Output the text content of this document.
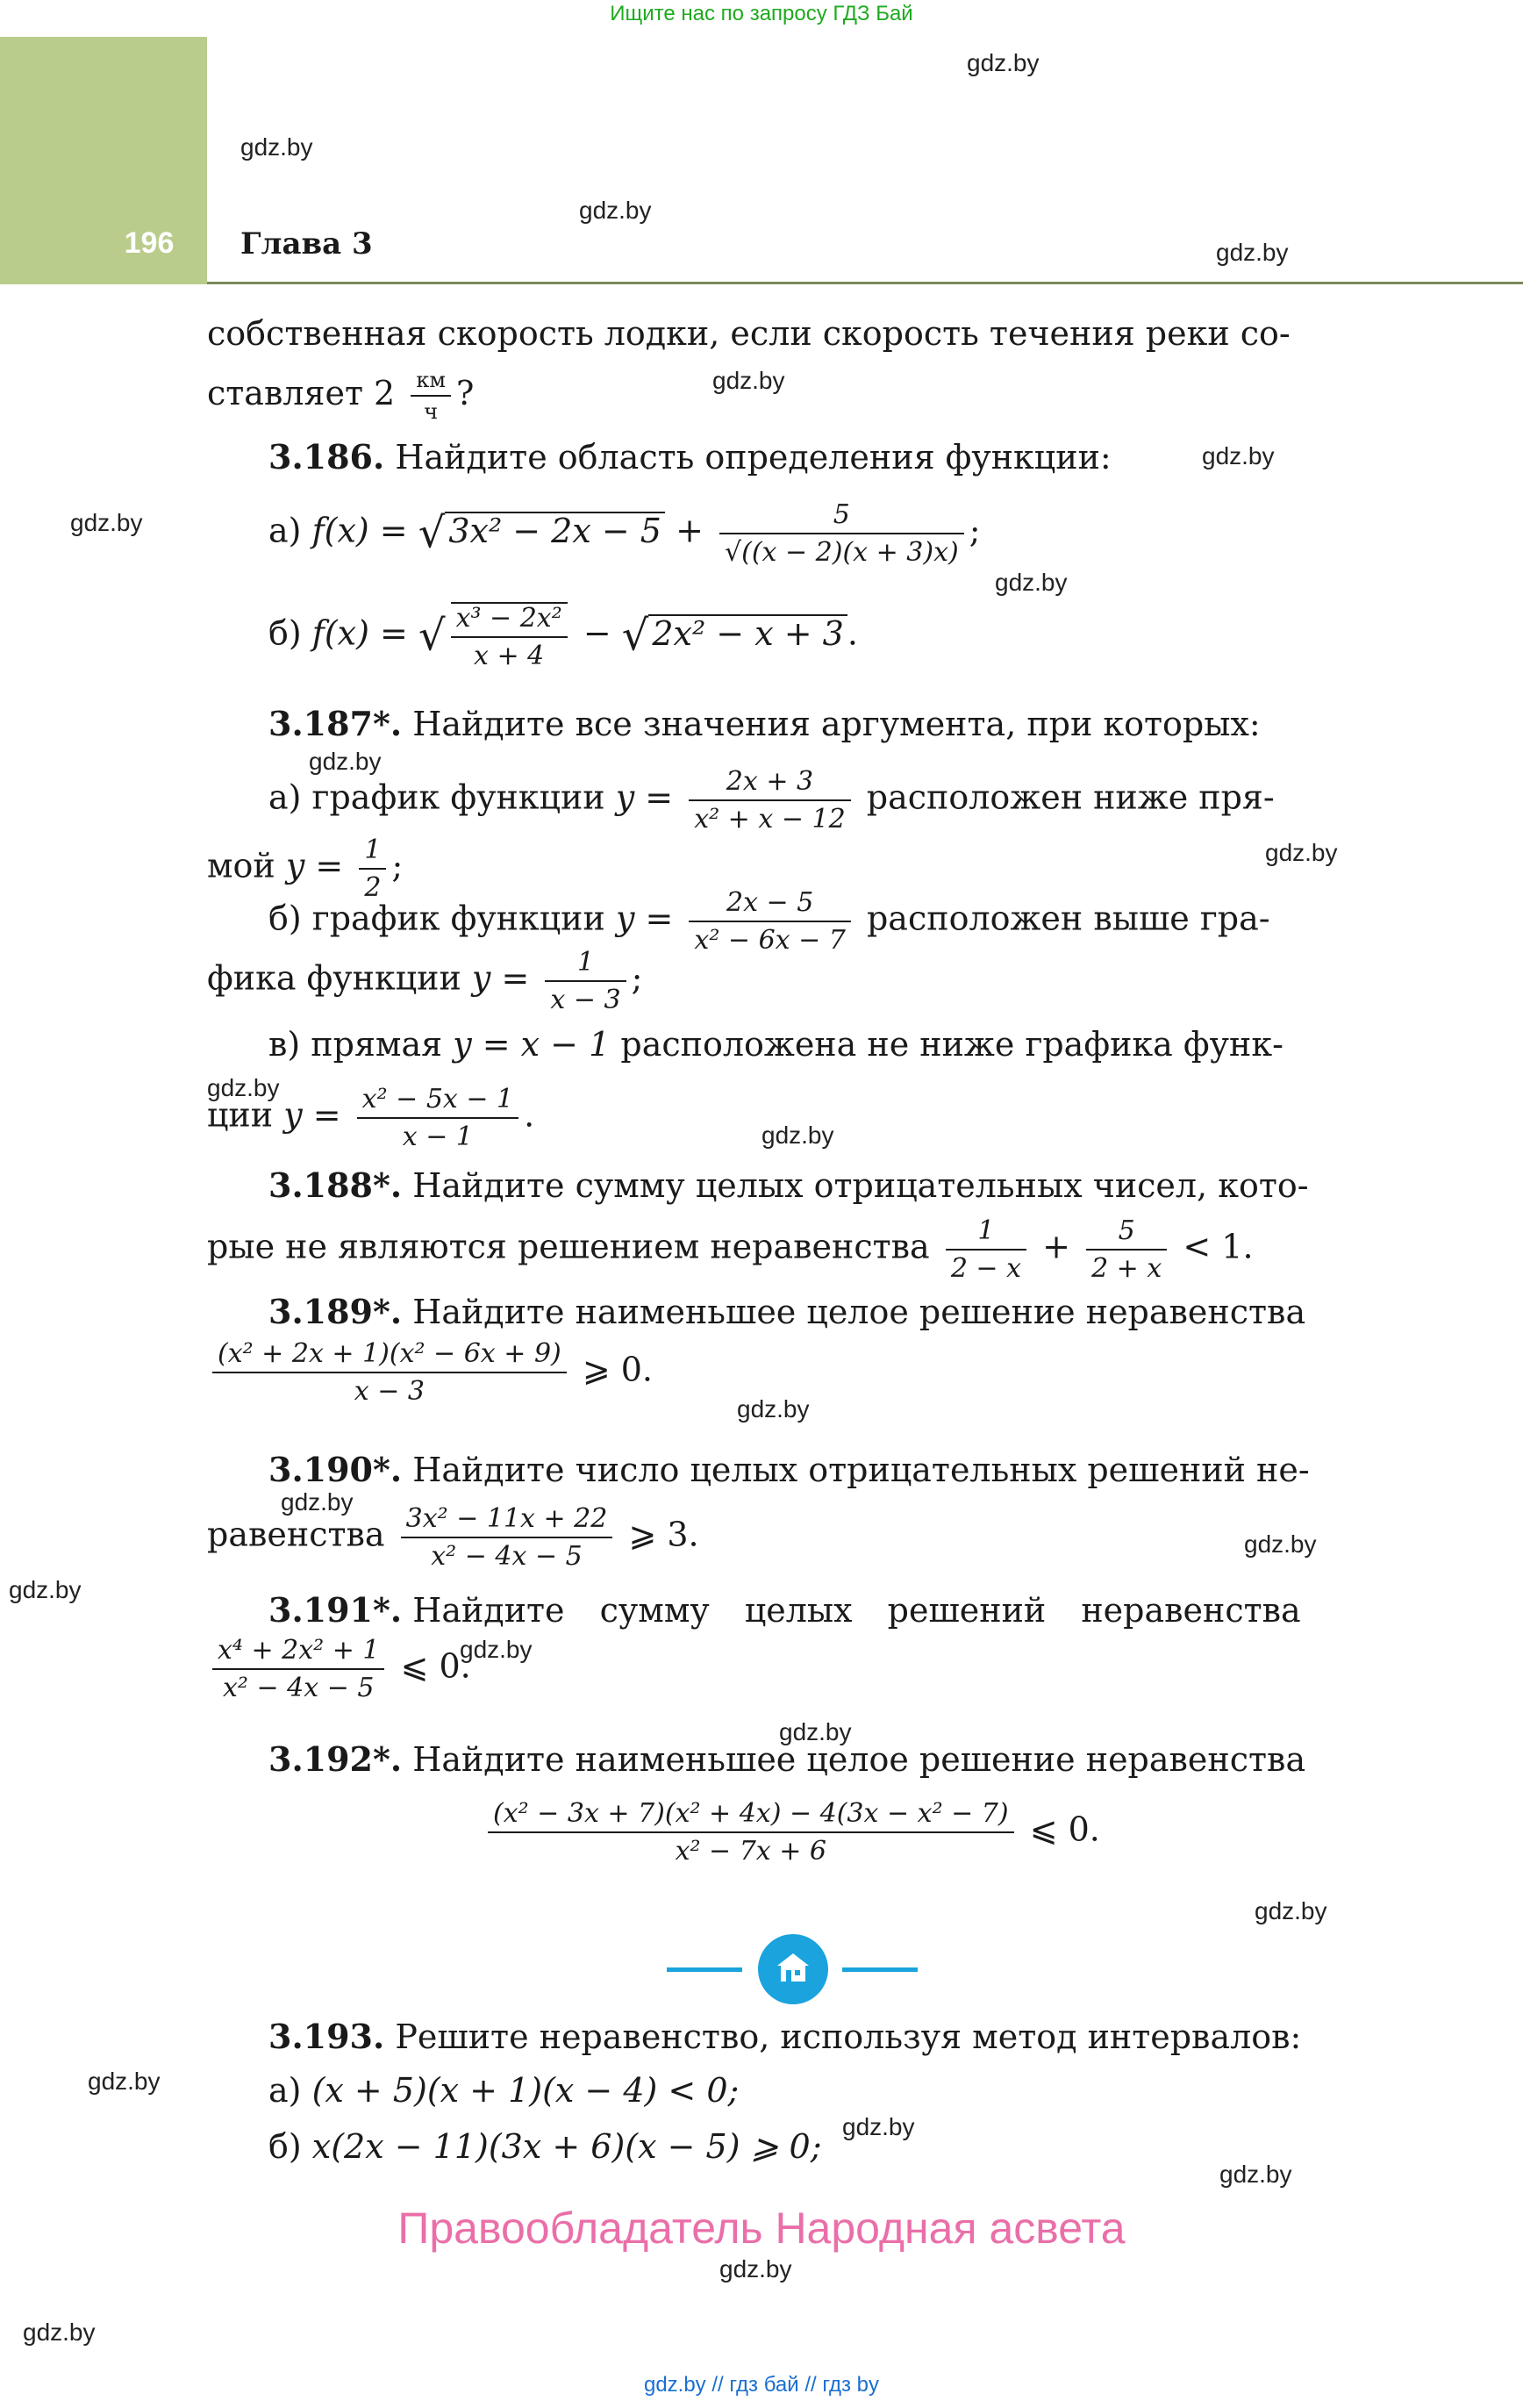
Ищите нас по запросу ГДЗ Бай
196	Глава 3
gdz.by
gdz.by
gdz.by
gdz.by
gdz.by
gdz.by
gdz.by
gdz.by
gdz.by
gdz.by
gdz.by
gdz.by
gdz.by
gdz.by
gdz.by
gdz.by
gdz.by
gdz.by
gdz.by
gdz.by
gdz.by
gdz.by
gdz.by
gdz.by
собственная скорость лодки, если скорость течения реки со-
ставляет $2 \frac{км}{ч}$ ?
3.186. Найдите область определения функции:
а) f(x) = √ $3x^2 - 2x - 5 + \frac{5}{√((x - 2)(x + 3)x)}$ ;
б) f(x) = √ $\frac{\text{x³ − 2x²}}{x + 4}$ − √ 2x² − x + 3 .
3.187*. Найдите все значения аргумента, при которых:
а) график функции $y = \frac{2x + 3}{\text{x² + x − 12}}$ расположен ниже пря-
мой $y = \frac{1}{2}$ ;
б) график функции $y = \frac{2x - 5}{\text{x² − 6x − 7}}$ расположен выше гра-
фика функции $y = \frac{1}{x - 3}$ ;
в) прямая y = x − 1 расположена не ниже графика функ-
ции $y = \frac{\text{x² − 5x − 1}}{x - 1}$ .
3.188*. Найдите сумму целых отрицательных чисел, кото-
рые не являются решением неравенства $\frac{1}{2 - x} + \frac{5}{2 + x} < 1$.
3.189*. Найдите наименьшее целое решение неравенства
$\frac{\text{(x² + 2x + 1)(x² − 6x + 9)}}{x - 3}$ ⩾ 0.
3.190*. Найдите число целых отрицательных решений не-
равенства $\frac{\text{3x² − 11x + 22}}{\text{x² − 4x − 5}}$ ⩾ 3.
3.191*. Найдите сумму целых решений неравенства
$\frac{\text{x⁴ + 2x² + 1}}{\text{x² − 4x − 5}}$ ⩽ 0.
3.192*. Найдите наименьшее целое решение неравенства
$\frac{\text{(x² − 3x + 7)(x² + 4x) − 4(3x − x² − 7)}}{\text{x² − 7x + 6}}$ ⩽ 0.
3.193. Решите неравенство, используя метод интервалов:
а) (x + 5)(x + 1)(x − 4) < 0;
б) x(2x − 11)(3x + 6)(x − 5) ⩾ 0;
Правообладатель Народная асвета
gdz.by // гдз бай // гдз by
